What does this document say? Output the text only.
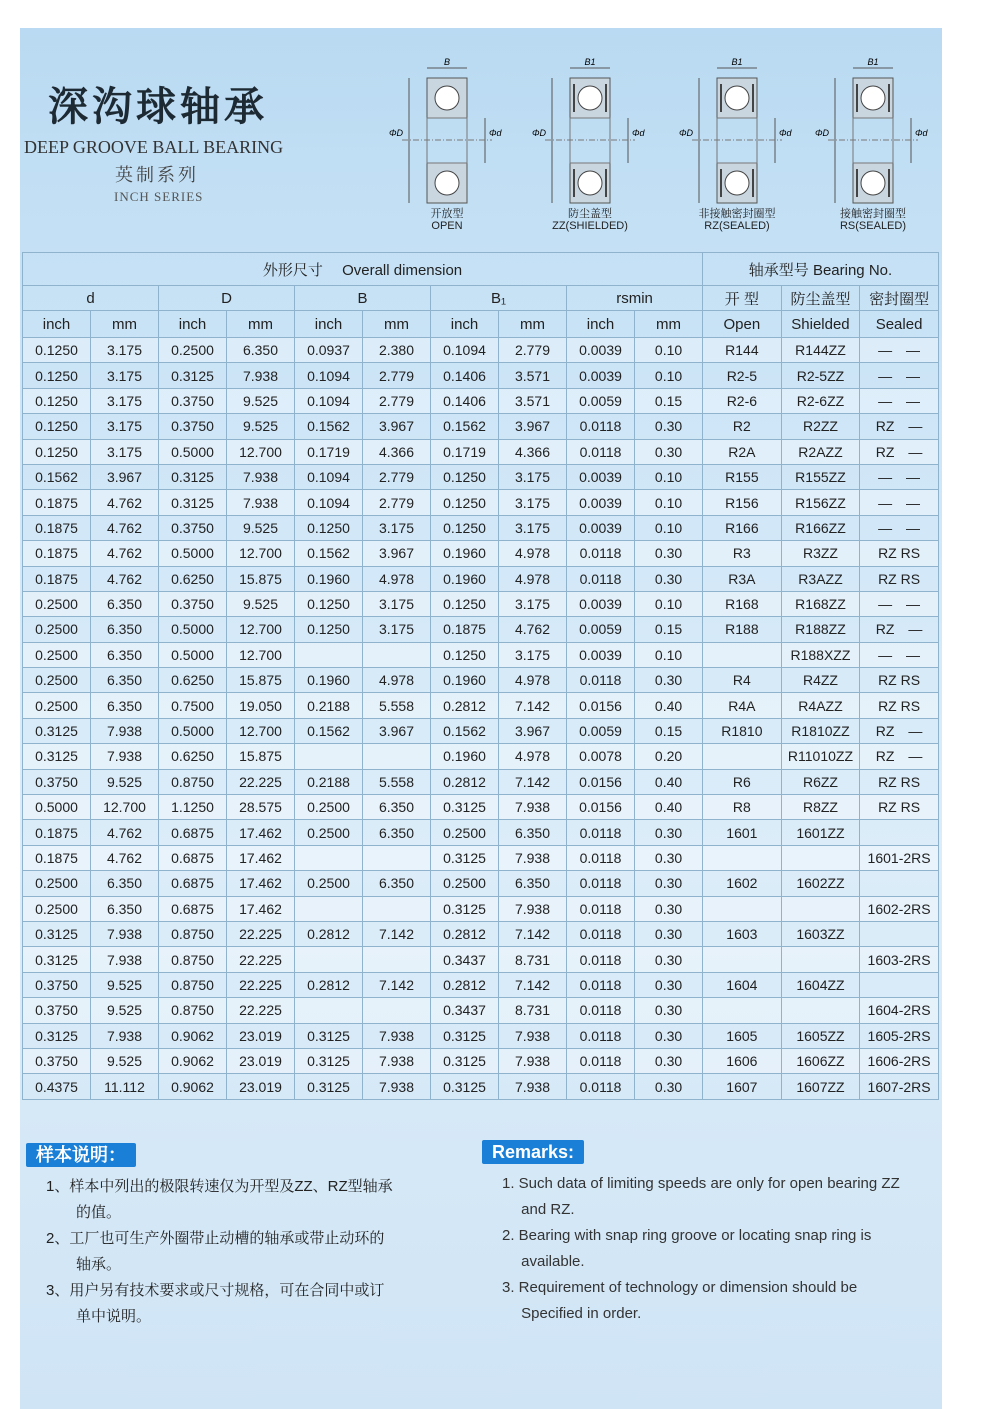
深沟球轴承
DEEP GROOVE BALL BEARING
英制系列
INCH SERIES
B
ΦD	Φd
开放型
OPEN
B1
ΦD	Φd
防尘盖型
ZZ(SHIELDED)
B1
ΦD	Φd
非接触密封圈型
RZ(SEALED)
B1
ΦD	Φd
接触密封圈型
RS(SEALED)
外形尺寸　 Overall dimension										轴承型号 Bearing No.		
d		D		B		B₁		rsmin		开 型	防尘盖型	密封圈型
inch	mm	inch	mm	inch	mm	inch	mm	inch	mm	Open	Shielded	Sealed
0.1250	3.175	0.2500	6.350	0.0937	2.380	0.1094	2.779	0.0039	0.10	R144	R144ZZ	—　—
0.1250	3.175	0.3125	7.938	0.1094	2.779	0.1406	3.571	0.0039	0.10	R2-5	R2-5ZZ	—　—
0.1250	3.175	0.3750	9.525	0.1094	2.779	0.1406	3.571	0.0059	0.15	R2-6	R2-6ZZ	—　—
0.1250	3.175	0.3750	9.525	0.1562	3.967	0.1562	3.967	0.0118	0.30	R2	R2ZZ	RZ　—
0.1250	3.175	0.5000	12.700	0.1719	4.366	0.1719	4.366	0.0118	0.30	R2A	R2AZZ	RZ　—
0.1562	3.967	0.3125	7.938	0.1094	2.779	0.1250	3.175	0.0039	0.10	R155	R155ZZ	—　—
0.1875	4.762	0.3125	7.938	0.1094	2.779	0.1250	3.175	0.0039	0.10	R156	R156ZZ	—　—
0.1875	4.762	0.3750	9.525	0.1250	3.175	0.1250	3.175	0.0039	0.10	R166	R166ZZ	—　—
0.1875	4.762	0.5000	12.700	0.1562	3.967	0.1960	4.978	0.0118	0.30	R3	R3ZZ	RZ RS
0.1875	4.762	0.6250	15.875	0.1960	4.978	0.1960	4.978	0.0118	0.30	R3A	R3AZZ	RZ RS
0.2500	6.350	0.3750	9.525	0.1250	3.175	0.1250	3.175	0.0039	0.10	R168	R168ZZ	—　—
0.2500	6.350	0.5000	12.700	0.1250	3.175	0.1875	4.762	0.0059	0.15	R188	R188ZZ	RZ　—
0.2500	6.350	0.5000	12.700			0.1250	3.175	0.0039	0.10		R188XZZ	—　—
0.2500	6.350	0.6250	15.875	0.1960	4.978	0.1960	4.978	0.0118	0.30	R4	R4ZZ	RZ RS
0.2500	6.350	0.7500	19.050	0.2188	5.558	0.2812	7.142	0.0156	0.40	R4A	R4AZZ	RZ RS
0.3125	7.938	0.5000	12.700	0.1562	3.967	0.1562	3.967	0.0059	0.15	R1810	R1810ZZ	RZ　—
0.3125	7.938	0.6250	15.875			0.1960	4.978	0.0078	0.20		R11010ZZ	RZ　—
0.3750	9.525	0.8750	22.225	0.2188	5.558	0.2812	7.142	0.0156	0.40	R6	R6ZZ	RZ RS
0.5000	12.700	1.1250	28.575	0.2500	6.350	0.3125	7.938	0.0156	0.40	R8	R8ZZ	RZ RS
0.1875	4.762	0.6875	17.462	0.2500	6.350	0.2500	6.350	0.0118	0.30	1601	1601ZZ	
0.1875	4.762	0.6875	17.462			0.3125	7.938	0.0118	0.30			1601-2RS
0.2500	6.350	0.6875	17.462	0.2500	6.350	0.2500	6.350	0.0118	0.30	1602	1602ZZ	
0.2500	6.350	0.6875	17.462			0.3125	7.938	0.0118	0.30			1602-2RS
0.3125	7.938	0.8750	22.225	0.2812	7.142	0.2812	7.142	0.0118	0.30	1603	1603ZZ	
0.3125	7.938	0.8750	22.225			0.3437	8.731	0.0118	0.30			1603-2RS
0.3750	9.525	0.8750	22.225	0.2812	7.142	0.2812	7.142	0.0118	0.30	1604	1604ZZ	
0.3750	9.525	0.8750	22.225			0.3437	8.731	0.0118	0.30			1604-2RS
0.3125	7.938	0.9062	23.019	0.3125	7.938	0.3125	7.938	0.0118	0.30	1605	1605ZZ	1605-2RS
0.3750	9.525	0.9062	23.019	0.3125	7.938	0.3125	7.938	0.0118	0.30	1606	1606ZZ	1606-2RS
0.4375	11.112	0.9062	23.019	0.3125	7.938	0.3125	7.938	0.0118	0.30	1607	1607ZZ	1607-2RS
样本说明：

1、样本中列出的极限转速仅为开型及ZZ、RZ型轴承

　　的值。

2、工厂也可生产外圈带止动槽的轴承或带止动环的

　　轴承。

3、用户另有技术要求或尺寸规格，可在合同中或订

　　单中说明。

Remarks:

1. Such data of limiting speeds are only for open bearing ZZ

　 and RZ.

2. Bearing with snap ring groove or locating snap ring is

　 available.

3. Requirement of technology or dimension should be

　 Specified in order.
